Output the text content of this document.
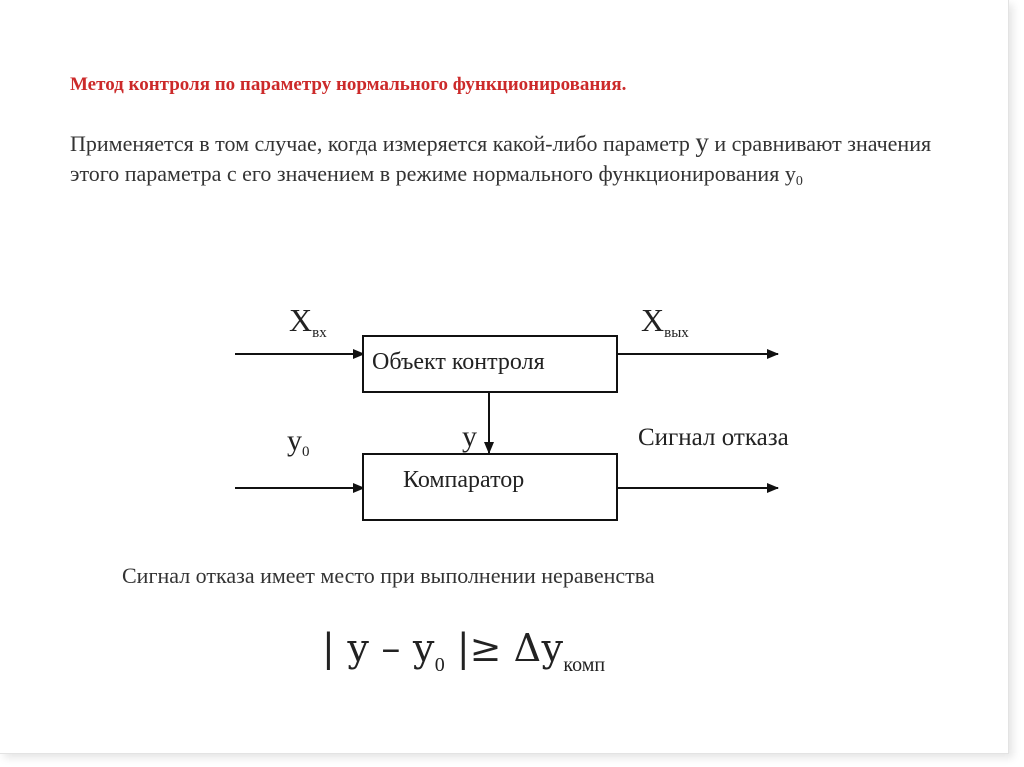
Метод контроля по параметру нормального функционирования.
Применяется в том случае, когда измеряется какой-либо параметр у и сравнивают значения этого параметра с его значением в режиме нормального функционирования $у_0$
$X_{вх}$	$X_{вых}$
Объект контроля
$у_0$	у	Сигнал отказа
Компаратор
Сигнал отказа имеет место при выполнении неравенства
| у – $у_0$ |≥ $\Delta у_{комп}$
